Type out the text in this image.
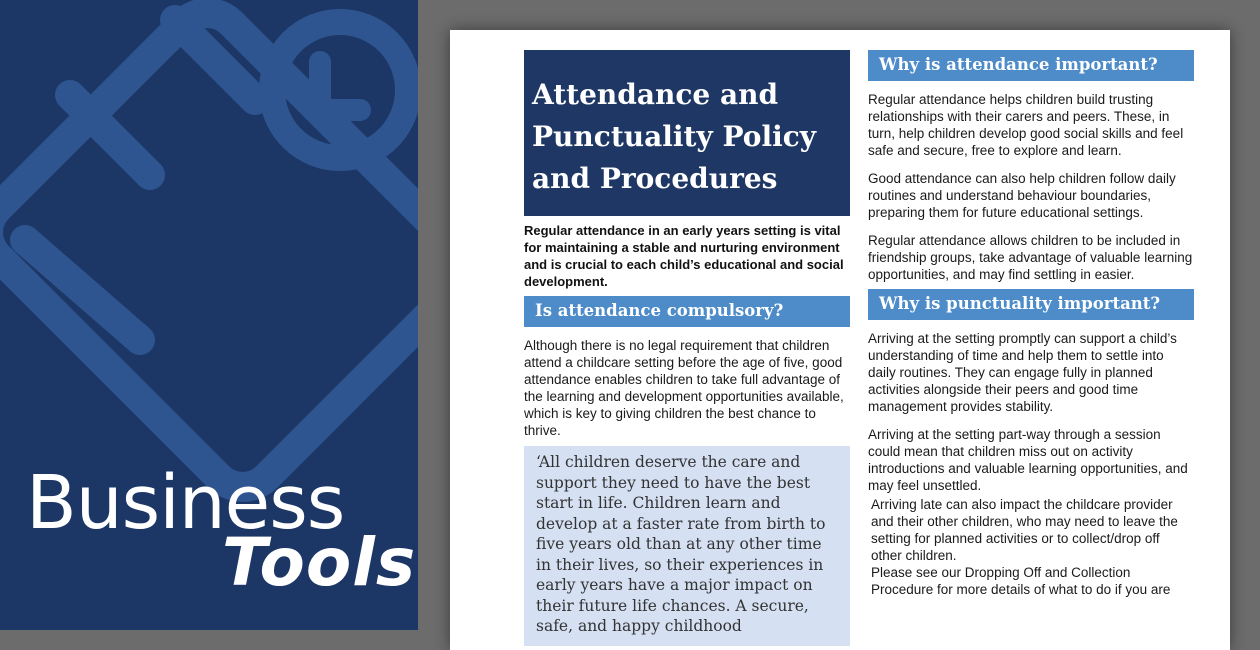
Business
Tools
Attendance and Punctuality Policy and Procedures
Regular attendance in an early years setting is vital for maintaining a stable and nurturing environment and is crucial to each child’s educational and social development.
Is attendance compulsory?
Although there is no legal requirement that children attend a childcare setting before the age of five, good attendance enables children to take full advantage of the learning and development opportunities available, which is key to giving children the best chance to thrive.
‘All children deserve the care and support they need to have the best start in life. Children learn and develop at a faster rate from birth to five years old than at any other time in their lives, so their experiences in early years have a major impact on their future life chances. A secure, safe, and happy childhood
Why is attendance important?
Regular attendance helps children build trusting relationships with their carers and peers. These, in turn, help children develop good social skills and feel safe and secure, free to explore and learn.
Good attendance can also help children follow daily routines and understand behaviour boundaries, preparing them for future educational settings.
Regular attendance allows children to be included in friendship groups, take advantage of valuable learning opportunities, and may find settling in easier.
Why is punctuality important?
Arriving at the setting promptly can support a child’s understanding of time and help them to settle into daily routines. They can engage fully in planned activities alongside their peers and good time management provides stability.
Arriving at the setting part-way through a session could mean that children miss out on activity introductions and valuable learning opportunities, and may feel unsettled.
Arriving late can also impact the childcare provider and their other children, who may need to leave the setting for planned activities or to collect/drop off other children.
Please see our Dropping Off and Collection Procedure for more details of what to do if you are
